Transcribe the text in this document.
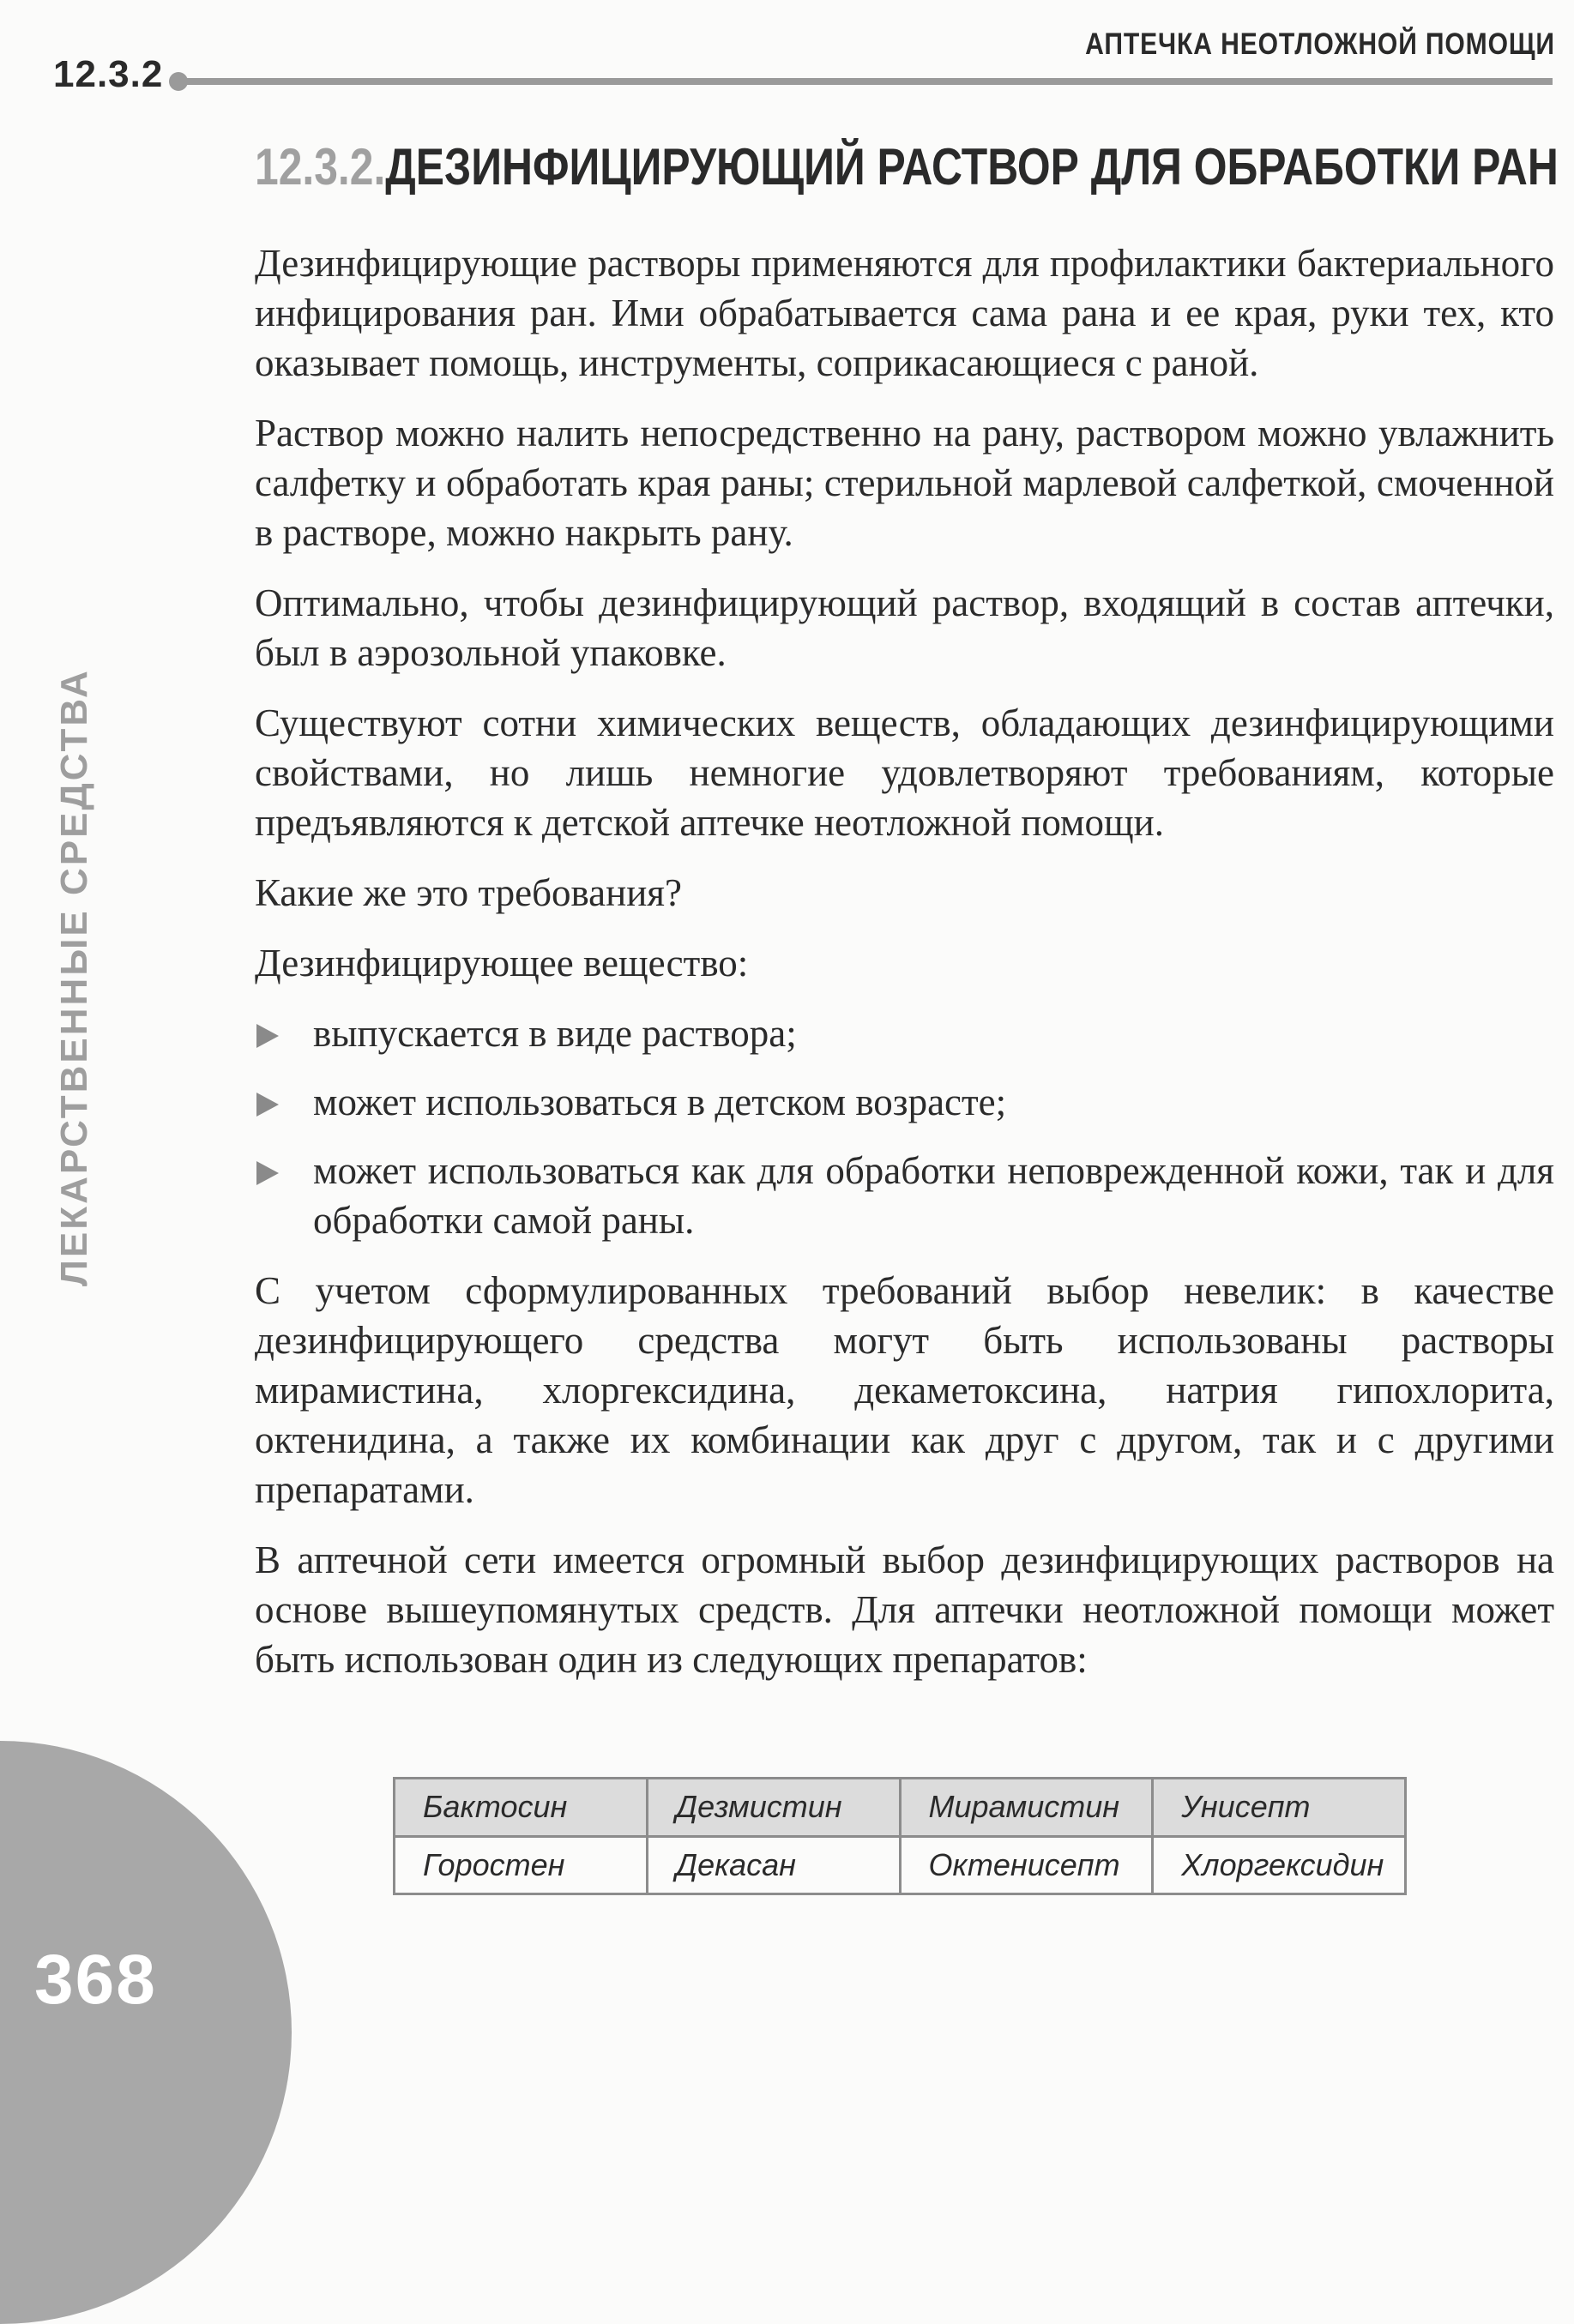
12.3.2
АПТЕЧКА НЕОТЛОЖНОЙ ПОМОЩИ
12.3.2.ДЕЗИНФИЦИРУЮЩИЙ РАСТВОР ДЛЯ ОБРАБОТКИ РАН
ЛЕКАРСТВЕННЫЕ СРЕДСТВА
368

Дезинфицирующие растворы применяются для профилактики бактериального инфицирования ран. Ими обрабатывается сама рана и ее края, руки тех, кто оказывает помощь, инструменты, соприкасающиеся с раной.

Раствор можно налить непосредственно на рану, раствором можно увлажнить салфетку и обработать края раны; стерильной марлевой салфеткой, смоченной в растворе, можно накрыть рану.

Оптимально, чтобы дезинфицирующий раствор, входящий в состав аптечки, был в аэрозольной упаковке.

Существуют сотни химических веществ, обладающих дезинфицирующими свойствами, но лишь немногие удовлетворяют требованиям, которые предъявляются к детской аптечке неотложной помощи.

Какие же это требования?

Дезинфицирующее вещество:

выпускается в виде раствора;
может использоваться в детском возрасте;
может использоваться как для обработки неповрежденной кожи, так и для обработки самой раны.

С учетом сформулированных требований выбор невелик: в качестве дезинфицирующего средства могут быть использованы растворы мирамистина, хлоргексидина, декаметоксина, натрия гипохлорита, октенидина, а также их комбинации как друг с другом, так и с другими препаратами.

В аптечной сети имеется огромный выбор дезинфицирующих растворов на основе вышеупомянутых средств. Для аптечки неотложной помощи может быть использован один из следующих препаратов:

Бактосин	Дезмистин	Мирамистин	Унисепт
Горостен	Декасан	Октенисепт	Хлоргексидин
